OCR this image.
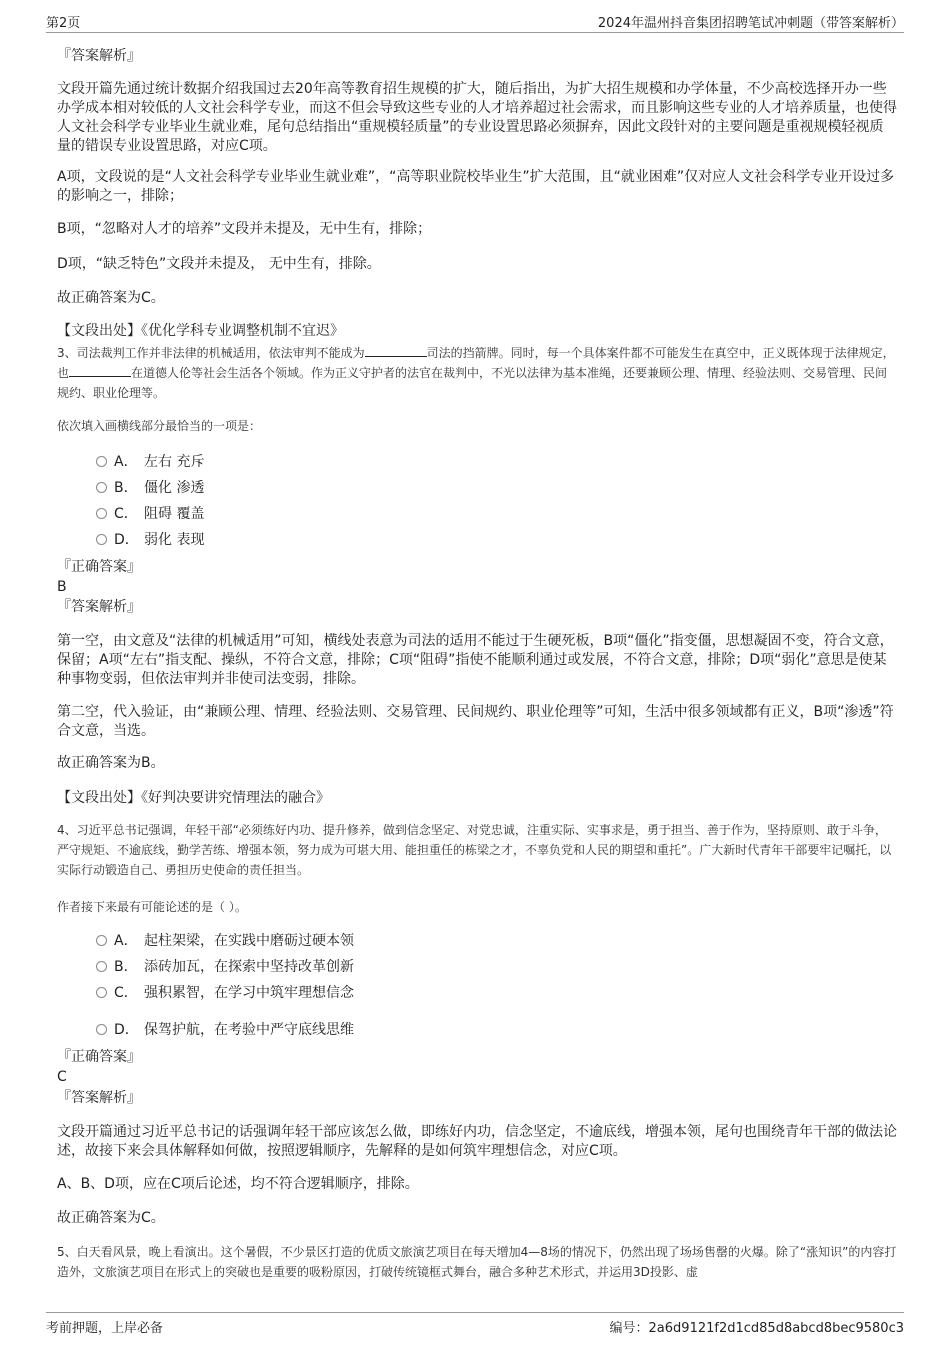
第2页	2024年温州抖音集团招聘笔试冲刺题（带答案解析）
『答案解析』
文段开篇先通过统计数据介绍我国过去20年高等教育招生规模的扩大，随后指出，为扩大招生规模和办学体量，不少高校选择开办一些办学成本相对较低的人文社会科学专业，而这不但会导致这些专业的人才培养超过社会需求，而且影响这些专业的人才培养质量，也使得人文社会科学专业毕业生就业难，尾句总结指出“重规模轻质量”的专业设置思路必须摒弃，因此文段针对的主要问题是重视规模轻视质量的错误专业设置思路，对应C项。
A项，文段说的是“人文社会科学专业毕业生就业难”，“高等职业院校毕业生”扩大范围，且“就业困难”仅对应人文社会科学专业开设过多的影响之一，排除；
B项，“忽略对人才的培养”文段并未提及，无中生有，排除；
D项，“缺乏特色”文段并未提及， 无中生有，排除。
故正确答案为C。
【文段出处】《优化学科专业调整机制不宜迟》
3、司法裁判工作并非法律的机械适用，依法审判不能成为	司法的挡箭牌。同时，每一个具体案件都不可能发生在真空中，正义既体现于法律规定，也	在道德人伦等社会生活各个领域。作为正义守护者的法官在裁判中，不光以法律为基本准绳，还要兼顾公理、情理、经验法则、交易管理、民间规约、职业伦理等。
依次填入画横线部分最恰当的一项是：
A． 左右 充斥
B． 僵化 渗透
C． 阻碍 覆盖
D． 弱化 表现
『正确答案』
B
『答案解析』
第一空，由文意及“法律的机械适用”可知，横线处表意为司法的适用不能过于生硬死板，B项“僵化”指变僵，思想凝固不变，符合文意，保留；A项“左右”指支配、操纵，不符合文意，排除；C项“阻碍”指使不能顺利通过或发展，不符合文意，排除；D项“弱化”意思是使某种事物变弱，但依法审判并非使司法变弱，排除。
第二空，代入验证，由“兼顾公理、情理、经验法则、交易管理、民间规约、职业伦理等”可知，生活中很多领域都有正义，B项“渗透”符合文意，当选。
故正确答案为B。
【文段出处】《好判决要讲究情理法的融合》
4、习近平总书记强调，年轻干部“必须练好内功、提升修养，做到信念坚定、对党忠诚，注重实际、实事求是，勇于担当、善于作为，坚持原则、敢于斗争，严守规矩、不逾底线，勤学苦练、增强本领，努力成为可堪大用、能担重任的栋梁之才，不辜负党和人民的期望和重托”。广大新时代青年干部要牢记嘱托，以实际行动锻造自己、勇担历史使命的责任担当。
作者接下来最有可能论述的是（ ）。
A． 起柱架梁，在实践中磨砺过硬本领
B． 添砖加瓦，在探索中坚持改革创新
C． 强积累智，在学习中筑牢理想信念
D． 保驾护航，在考验中严守底线思维
『正确答案』
C
『答案解析』
文段开篇通过习近平总书记的话强调年轻干部应该怎么做，即练好内功，信念坚定，不逾底线，增强本领，尾句也围绕青年干部的做法论述，故接下来会具体解释如何做，按照逻辑顺序，先解释的是如何筑牢理想信念，对应C项。
A、B、D项，应在C项后论述，均不符合逻辑顺序，排除。
故正确答案为C。
5、白天看风景，晚上看演出。这个暑假，不少景区打造的优质文旅演艺项目在每天增加4—8场的情况下，仍然出现了场场售罄的火爆。除了“涨知识”的内容打造外，文旅演艺项目在形式上的突破也是重要的吸粉原因，打破传统镜框式舞台，融合多种艺术形式，并运用3D投影、虚
考前押题，上岸必备	编号：2a6d9121f2d1cd85d8abcd8bec9580c3
